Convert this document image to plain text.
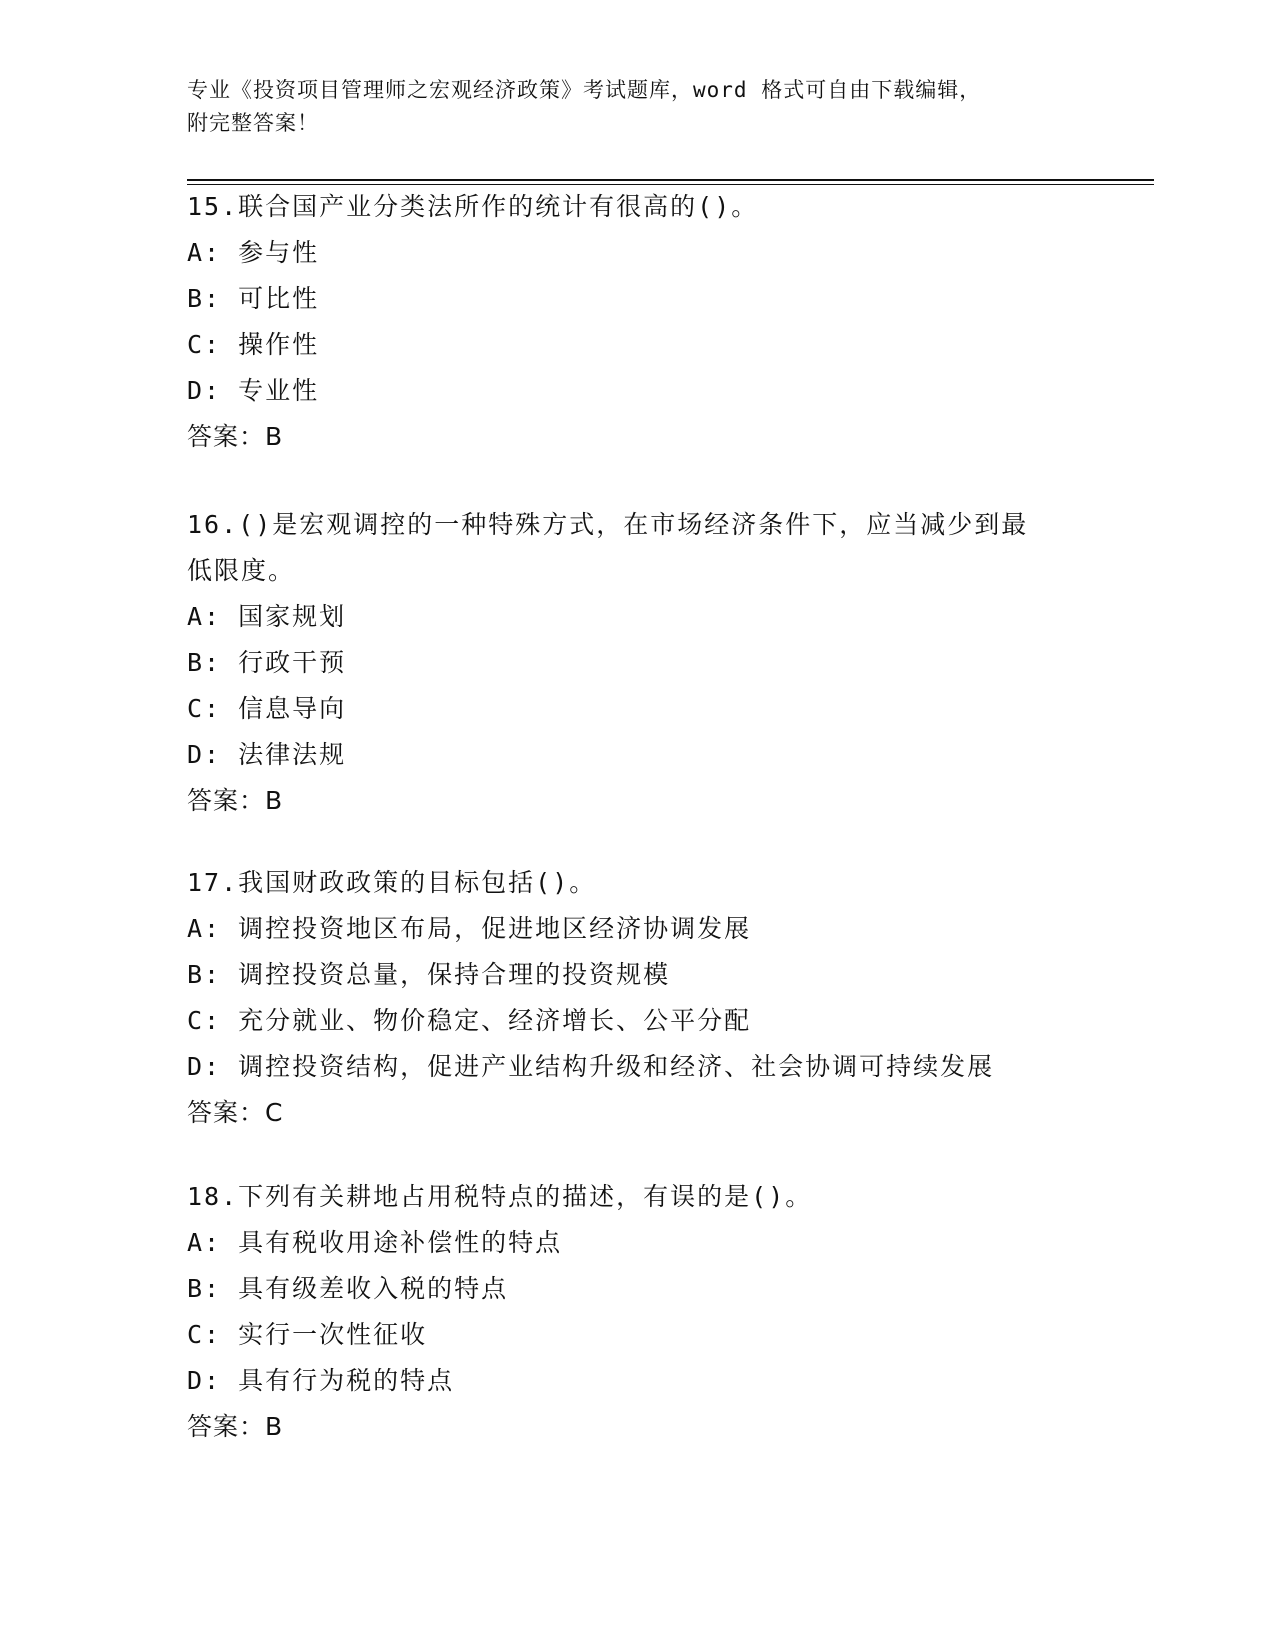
专业《投资项目管理师之宏观经济政策》考试题库，word 格式可自由下载编辑，
附完整答案！
15.联合国产业分类法所作的统计有很高的()。
A: 参与性
B: 可比性
C: 操作性
D: 专业性
答案：B
16.()是宏观调控的一种特殊方式，在市场经济条件下，应当减少到最
低限度。
A: 国家规划
B: 行政干预
C: 信息导向
D: 法律法规
答案：B
17.我国财政政策的目标包括()。
A: 调控投资地区布局，促进地区经济协调发展
B: 调控投资总量，保持合理的投资规模
C: 充分就业、物价稳定、经济增长、公平分配
D: 调控投资结构，促进产业结构升级和经济、社会协调可持续发展
答案：C
18.下列有关耕地占用税特点的描述，有误的是()。
A: 具有税收用途补偿性的特点
B: 具有级差收入税的特点
C: 实行一次性征收
D: 具有行为税的特点
答案：B
